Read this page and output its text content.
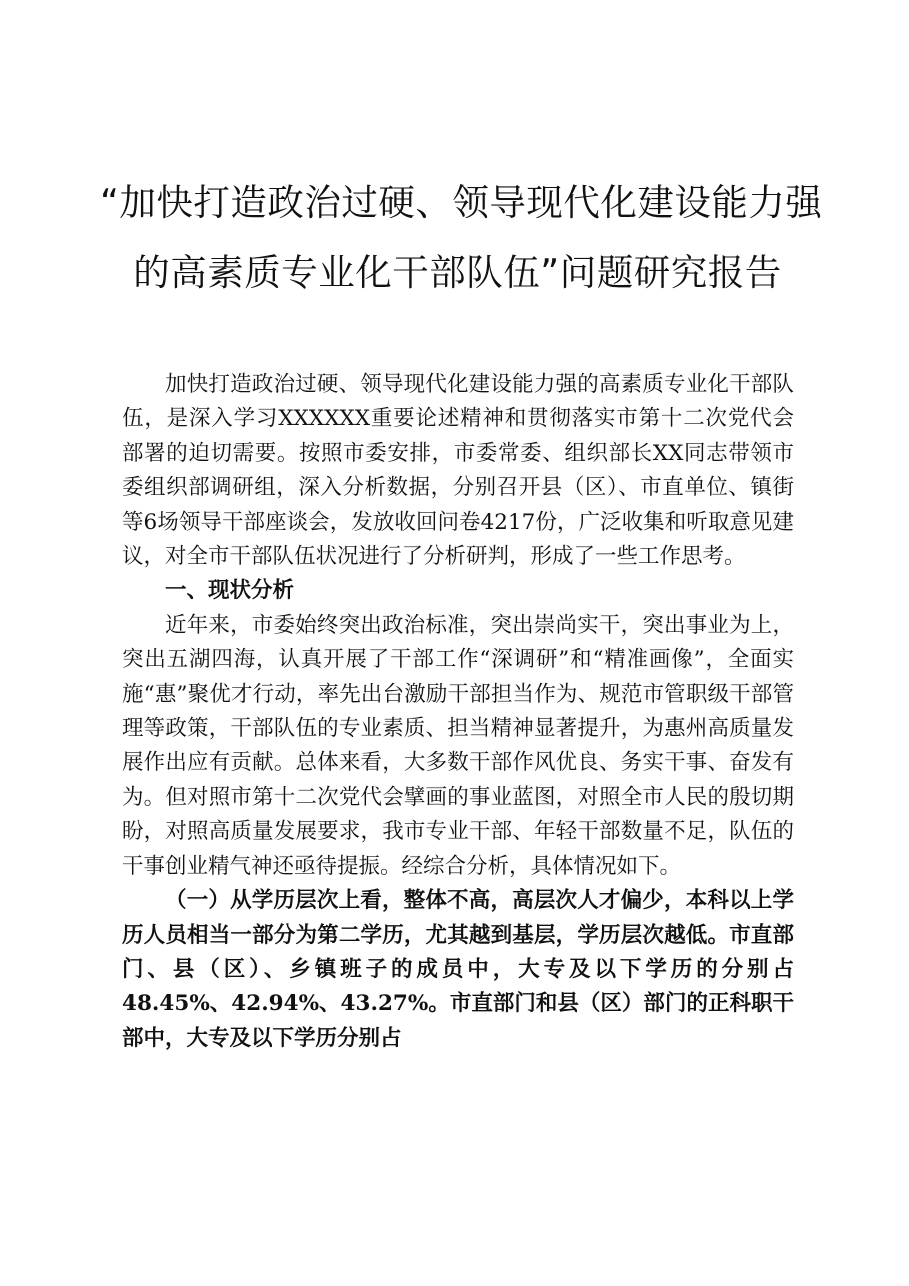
“加快打造政治过硬、领导现代化建设能力强
的高素质专业化干部队伍”问题研究报告

加快打造政治过硬、领导现代化建设能力强的高素质专业化干部队伍，是深入学习XXXXXX重要论述精神和贯彻落实市第十二次党代会部署的迫切需要。按照市委安排，市委常委、组织部长XX同志带领市委组织部调研组，深入分析数据，分别召开县（区）、市直单位、镇街等6场领导干部座谈会，发放收回问卷4217份，广泛收集和听取意见建议，对全市干部队伍状况进行了分析研判，形成了一些工作思考。

一、现状分析

近年来，市委始终突出政治标准，突出崇尚实干，突出事业为上，突出五湖四海，认真开展了干部工作“深调研”和“精准画像”，全面实施“惠”聚优才行动，率先出台激励干部担当作为、规范市管职级干部管理等政策，干部队伍的专业素质、担当精神显著提升，为惠州高质量发展作出应有贡献。总体来看，大多数干部作风优良、务实干事、奋发有为。但对照市第十二次党代会擘画的事业蓝图，对照全市人民的殷切期盼，对照高质量发展要求，我市专业干部、年轻干部数量不足，队伍的干事创业精气神还亟待提振。经综合分析，具体情况如下。

（一）从学历层次上看，整体不高，高层次人才偏少，本科以上学历人员相当一部分为第二学历，尤其越到基层，学历层次越低。市直部门、县（区）、乡镇班子的成员中，大专及以下学历的分别占48.45%、42.94%、43.27%。市直部门和县（区）部门的正科职干部中，大专及以下学历分别占
